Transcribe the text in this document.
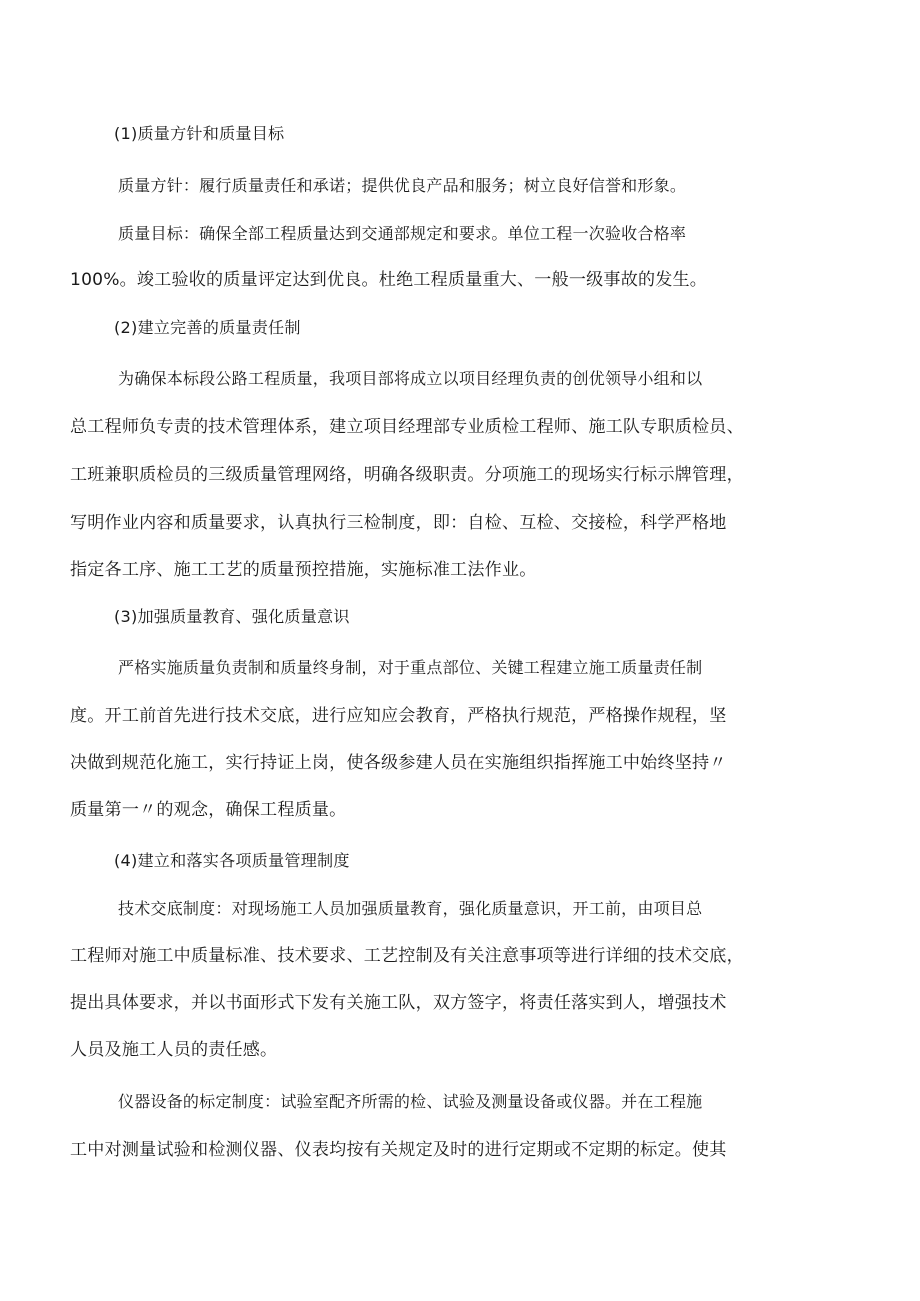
(1)质量方针和质量目标
质量方针：履行质量责任和承诺；提供优良产品和服务；树立良好信誉和形象。
质量目标：确保全部工程质量达到交通部规定和要求。单位工程一次验收合格率
100%。竣工验收的质量评定达到优良。杜绝工程质量重大、一般一级事故的发生。
(2)建立完善的质量责任制
为确保本标段公路工程质量，我项目部将成立以项目经理负责的创优领导小组和以
总工程师负专责的技术管理体系，建立项目经理部专业质检工程师、施工队专职质检员、
工班兼职质检员的三级质量管理网络，明确各级职责。分项施工的现场实行标示牌管理，
写明作业内容和质量要求，认真执行三检制度，即：自检、互检、交接检，科学严格地
指定各工序、施工工艺的质量预控措施，实施标准工法作业。
(3)加强质量教育、强化质量意识
严格实施质量负责制和质量终身制，对于重点部位、关键工程建立施工质量责任制
度。开工前首先进行技术交底，进行应知应会教育，严格执行规范，严格操作规程，坚
决做到规范化施工，实行持证上岗，使各级参建人员在实施组织指挥施工中始终坚持〃
质量第一〃的观念，确保工程质量。
(4)建立和落实各项质量管理制度
技术交底制度：对现场施工人员加强质量教育，强化质量意识，开工前，由项目总
工程师对施工中质量标准、技术要求、工艺控制及有关注意事项等进行详细的技术交底，
提出具体要求，并以书面形式下发有关施工队，双方签字，将责任落实到人，增强技术
人员及施工人员的责任感。
仪器设备的标定制度：试验室配齐所需的检、试验及测量设备或仪器。并在工程施
工中对测量试验和检测仪器、仪表均按有关规定及时的进行定期或不定期的标定。使其
